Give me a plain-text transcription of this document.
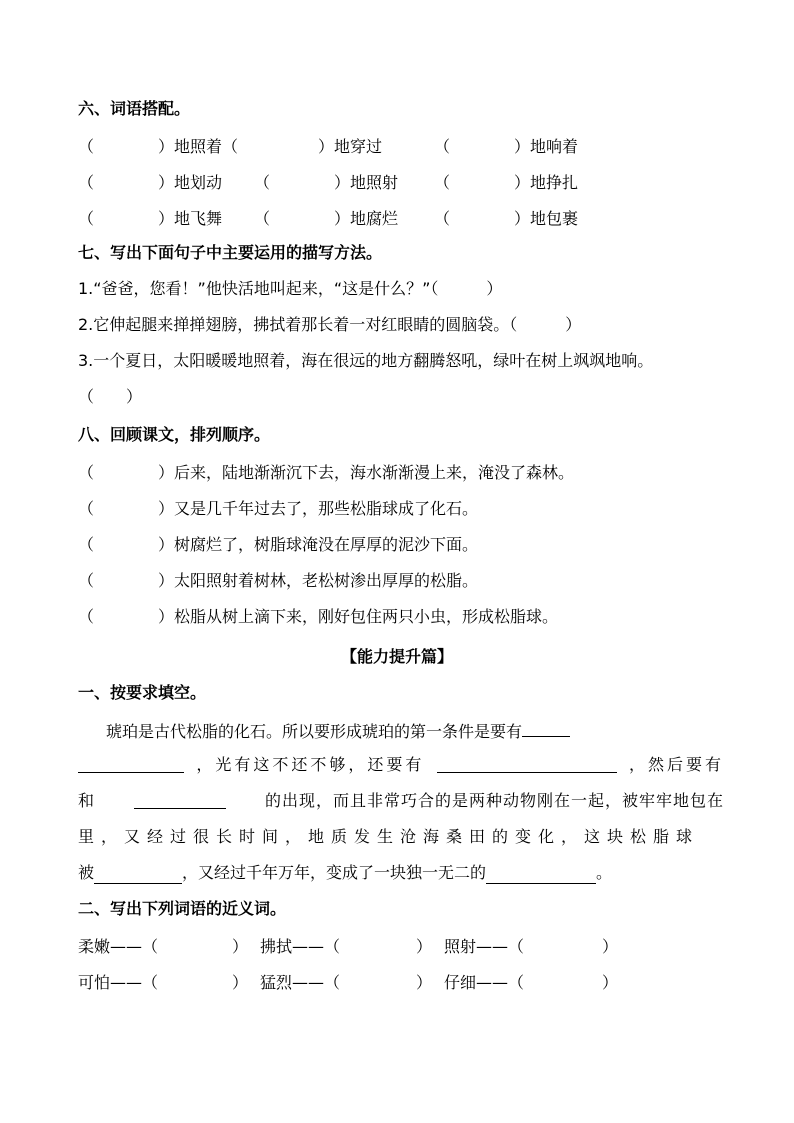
六、词语搭配。
（	）地照着（	）地穿过	（	）地响着
（	）地划动 （	）地照射 （	）地挣扎
（	）地飞舞 （	）地腐烂 （	）地包裹
七、写出下面句子中主要运用的描写方法。
1.“爸爸，您看！”他快活地叫起来，“这是什么？”（　　　）
2.它伸起腿来掸掸翅膀，拂拭着那长着一对红眼睛的圆脑袋。（　　　）
3.一个夏日，太阳暖暖地照着，海在很远的地方翻腾怒吼，绿叶在树上飒飒地响。
（　　）
八、回顾课文，排列顺序。
（	） 后来，陆地渐渐沉下去，海水渐渐漫上来，淹没了森林。
（	） 又是几千年过去了，那些松脂球成了化石。
（	） 树腐烂了，树脂球淹没在厚厚的泥沙下面。
（	） 太阳照射着树林，老松树渗出厚厚的松脂。
（	） 松脂从树上滴下来，刚好包住两只小虫，形成松脂球。
【能力提升篇】
一、按要求填空。
琥珀是古代松脂的化石。所以要形成琥珀的第一条件是要有
，光有这不还不够，还要有	，然后要有
和	的出现，而且非常巧合的是两种动物刚在一起，被牢牢地包在
里，又经过很长时间，地质发生沧海桑田的变化，这块松脂球
被	，又经过千年万年，变成了一块独一无二的	。
二、写出下列词语的近义词。
柔嫩——（	） 拂拭——（	） 照射——（	）
可怕——（	） 猛烈——（	） 仔细——（	）
